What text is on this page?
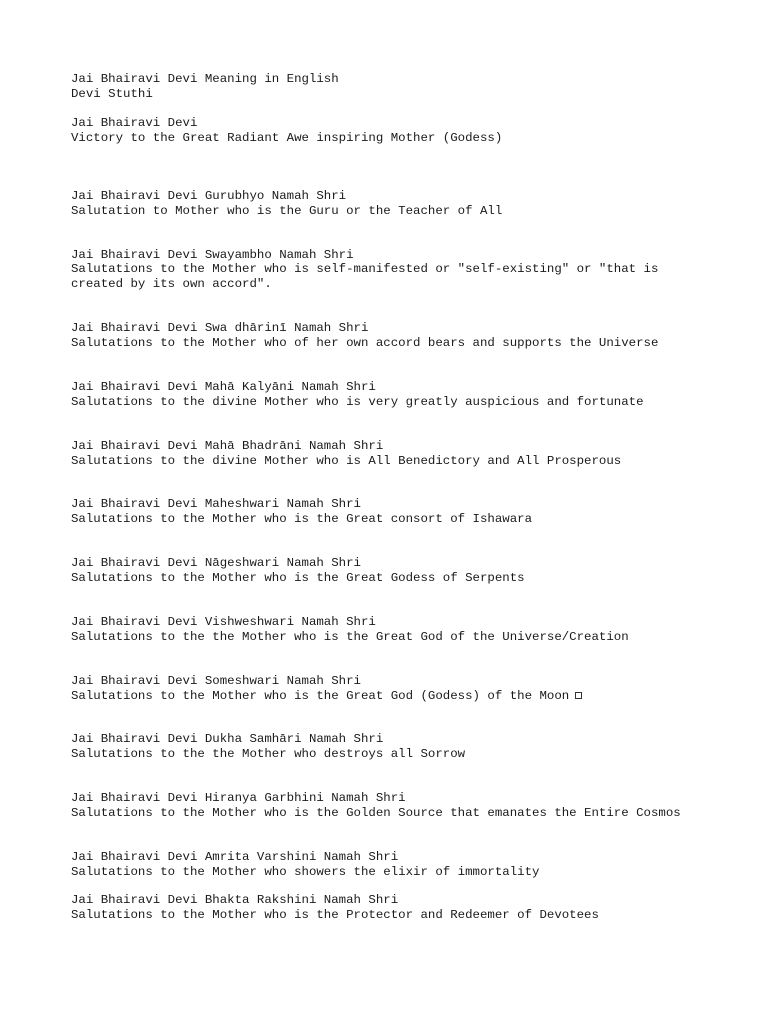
Jai Bhairavi Devi Meaning in English

Devi Stuthi

Jai Bhairavi Devi

Victory to the Great Radiant Awe inspiring Mother (Godess)

Jai Bhairavi Devi Gurubhyo Namah Shri

Salutation to Mother who is the Guru or the Teacher of All

Jai Bhairavi Devi Swayambho Namah Shri

Salutations to the Mother who is self-manifested or "self-existing" or "that is

created by its own accord".

Jai Bhairavi Devi Swa dhārinī Namah Shri

Salutations to the Mother who of her own accord bears and supports the Universe

Jai Bhairavi Devi Mahā Kalyāni Namah Shri

Salutations to the divine Mother who is very greatly auspicious and fortunate

Jai Bhairavi Devi Mahā Bhadrāni Namah Shri

Salutations to the divine Mother who is All Benedictory and All Prosperous

Jai Bhairavi Devi Maheshwari Namah Shri

Salutations to the Mother who is the Great consort of Ishawara

Jai Bhairavi Devi Nāgeshwari Namah Shri

Salutations to the Mother who is the Great Godess of Serpents

Jai Bhairavi Devi Vishweshwari Namah Shri

Salutations to the the Mother who is the Great God of the Universe/Creation

Jai Bhairavi Devi Someshwari Namah Shri

Salutations to the Mother who is the Great God (Godess) of the Moon

Jai Bhairavi Devi Dukha Samhāri Namah Shri

Salutations to the the Mother who destroys all Sorrow

Jai Bhairavi Devi Hiranya Garbhini Namah Shri

Salutations to the Mother who is the Golden Source that emanates the Entire Cosmos

Jai Bhairavi Devi Amrita Varshini Namah Shri

Salutations to the Mother who showers the elixir of immortality

Jai Bhairavi Devi Bhakta Rakshini Namah Shri

Salutations to the Mother who is the Protector and Redeemer of Devotees
